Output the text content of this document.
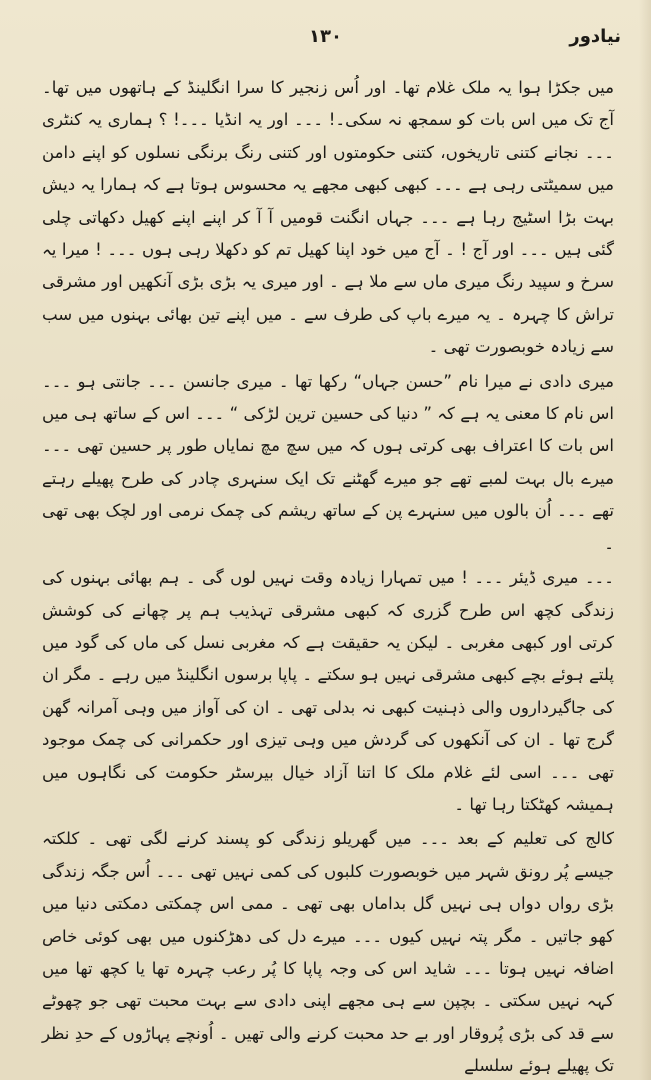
نیادور
۱۳۰

میں جکڑا ہوا یہ ملک غلام تھا۔ اور اُس زنجیر کا سرا انگلینڈ کے ہاتھوں میں تھا۔ آج تک میں اس بات کو سمجھ نہ سکی۔! ۔۔۔ اور یہ انڈیا ۔۔۔! ؟ ہماری یہ کنٹری ۔۔۔ نجانے کتنی تاریخوں، کتنی حکومتوں اور کتنی رنگ برنگی نسلوں کو اپنے دامن میں سمیٹتی رہی ہے ۔۔۔ کبھی کبھی مجھے یہ محسوس ہوتا ہے کہ ہمارا یہ دیش بہت بڑا اسٹیج رہا ہے ۔۔۔ جہاں انگنت قومیں آ آ کر اپنے اپنے کھیل دکھاتی چلی گئی ہیں ۔۔۔ اور آج ! ۔ آج میں خود اپنا کھیل تم کو دکھلا رہی ہوں ۔۔۔ ! میرا یہ سرخ و سپید رنگ میری ماں سے ملا ہے ۔ اور میری یہ بڑی بڑی آنکھیں اور مشرقی تراش کا چہرہ ۔ یہ میرے باپ کی طرف سے ۔ میں اپنے تین بھائی بہنوں میں سب سے زیادہ خوبصورت تھی ۔

میری دادی نے میرا نام ”حسن جہاں“ رکھا تھا ۔ میری جانسن ۔۔۔ جانتی ہو ۔۔۔ اس نام کا معنی یہ ہے کہ ” دنیا کی حسین ترین لڑکی “ ۔۔۔ اس کے ساتھ ہی میں اس بات کا اعتراف بھی کرتی ہوں کہ میں سچ مچ نمایاں طور پر حسین تھی ۔۔۔ میرے بال بہت لمبے تھے جو میرے گھٹنے تک ایک سنہری چادر کی طرح پھیلے رہتے تھے ۔۔۔ اُن بالوں میں سنہرے پن کے ساتھ ریشم کی چمک نرمی اور لچک بھی تھی ۔

۔۔۔ میری ڈیئر ۔۔۔ ! میں تمہارا زیادہ وقت نہیں لوں گی ۔ ہم بھائی بہنوں کی زندگی کچھ اس طرح گزری کہ کبھی مشرقی تہذیب ہم پر چھانے کی کوشش کرتی اور کبھی مغربی ۔ لیکن یہ حقیقت ہے کہ مغربی نسل کی ماں کی گود میں پلتے ہوئے بچے کبھی مشرقی نہیں ہو سکتے ۔ پاپا برسوں انگلینڈ میں رہے ۔ مگر ان کی جاگیرداروں والی ذہنیت کبھی نہ بدلی تھی ۔ ان کی آواز میں وہی آمرانہ گھن گرج تھا ۔ ان کی آنکھوں کی گردش میں وہی تیزی اور حکمرانی کی چمک موجود تھی ۔۔۔ اسی لئے غلام ملک کا اتنا آزاد خیال بیرسٹر حکومت کی نگاہوں میں ہمیشہ کھٹکتا رہا تھا ۔

کالج کی تعلیم کے بعد ۔۔۔ میں گھریلو زندگی کو پسند کرنے لگی تھی ۔ کلکتہ جیسے پُر رونق شہر میں خوبصورت کلبوں کی کمی نہیں تھی ۔۔۔ اُس جگہ زندگی بڑی رواں دواں ہی نہیں گل بداماں بھی تھی ۔ ممی اس چمکتی دمکتی دنیا میں کھو جاتیں ۔ مگر پتہ نہیں کیوں ۔۔۔ میرے دل کی دھڑکنوں میں بھی کوئی خاص اضافہ نہیں ہوتا ۔۔۔ شاید اس کی وجہ پاپا کا پُر رعب چہرہ تھا یا کچھ تھا میں کہہ نہیں سکتی ۔ بچپن سے ہی مجھے اپنی دادی سے بہت محبت تھی جو چھوٹے سے قد کی بڑی پُروقار اور بے حد محبت کرنے والی تھیں ۔ اُونچے پہاڑوں کے حدِ نظر تک پھیلے ہوئے سلسلے
